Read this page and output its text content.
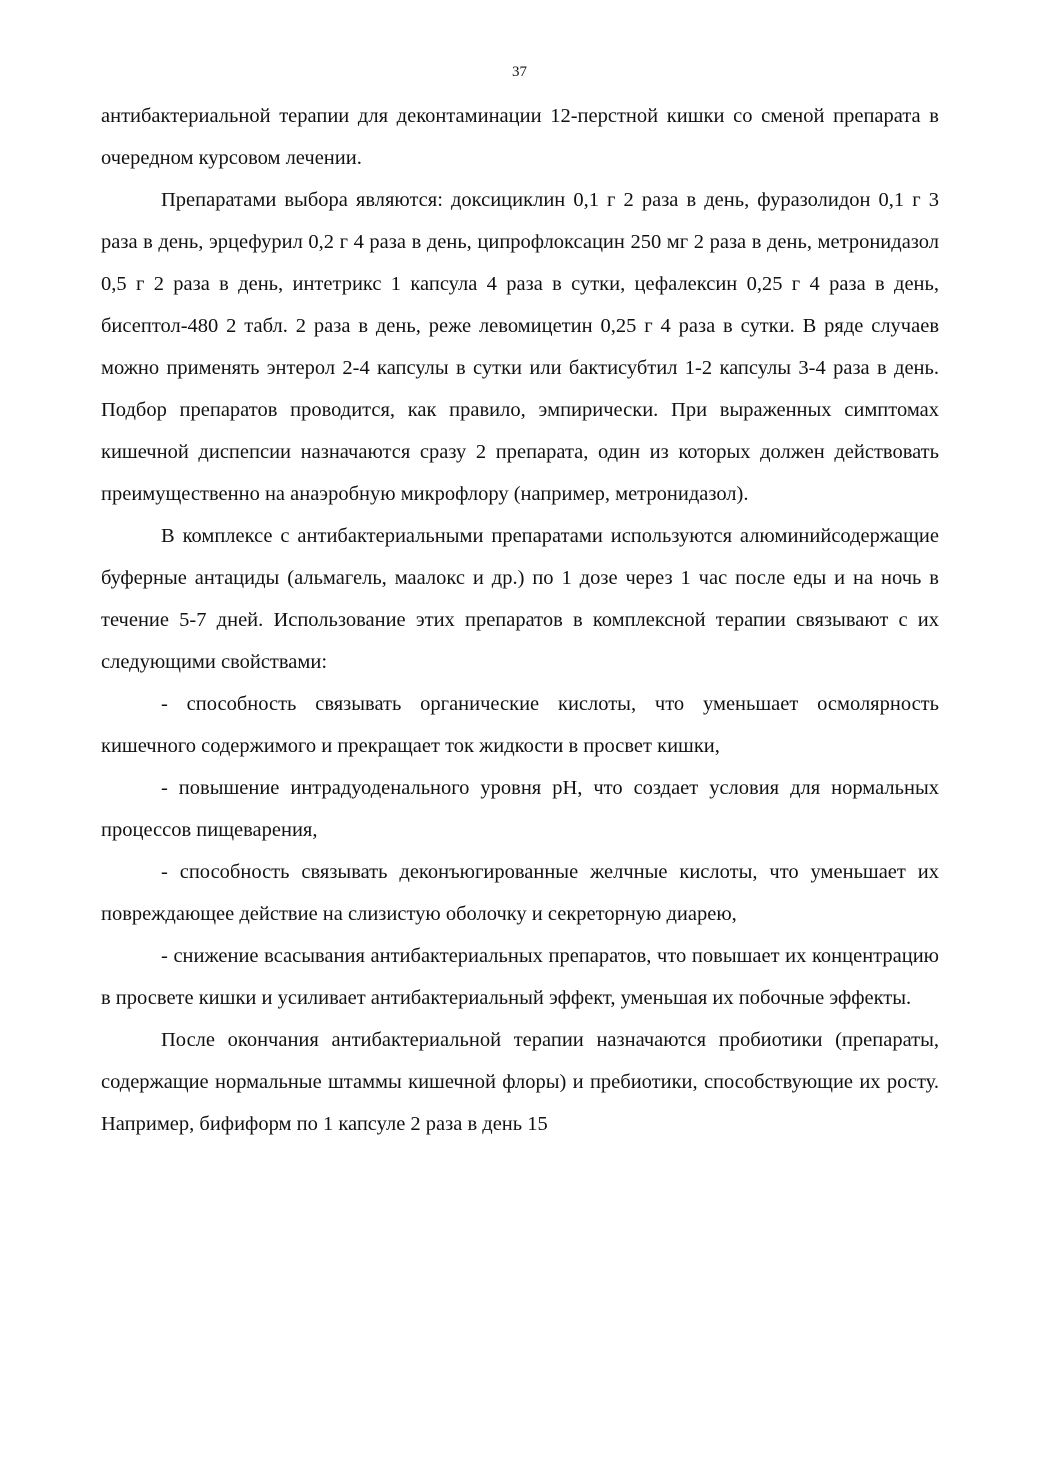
37

антибактериальной терапии для деконтаминации 12-перстной кишки со сменой препарата в очередном курсовом лечении.

Препаратами выбора являются: доксициклин 0,1 г 2 раза в день, фуразолидон 0,1 г 3 раза в день, эрцефурил 0,2 г 4 раза в день, ципрофлоксацин 250 мг 2 раза в день, метронидазол 0,5 г 2 раза в день, интетрикс 1 капсула 4 раза в сутки, цефалексин 0,25 г 4 раза в день, бисептол-480 2 табл. 2 раза в день, реже левомицетин 0,25 г 4 раза в сутки. В ряде случаев можно применять энтерол 2-4 капсулы в сутки или бактисубтил 1-2 капсулы 3-4 раза в день. Подбор препаратов проводится, как правило, эмпирически. При выраженных симптомах кишечной диспепсии назначаются сразу 2 препарата, один из которых должен действовать преимущественно на анаэробную микрофлору (например, метронидазол).

В комплексе с антибактериальными препаратами используются алюминийсодержащие буферные антациды (альмагель, маалокс и др.) по 1 дозе через 1 час после еды и на ночь в течение 5-7 дней. Использование этих препаратов в комплексной терапии связывают с их следующими свойствами:

- способность связывать органические кислоты, что уменьшает осмолярность кишечного содержимого и прекращает ток жидкости в просвет кишки,

- повышение интрадуоденального уровня рН, что создает условия для нормальных процессов пищеварения,

- способность связывать деконъюгированные желчные кислоты, что уменьшает их повреждающее действие на слизистую оболочку и секреторную диарею,

- снижение всасывания антибактериальных препаратов, что повышает их концентрацию в просвете кишки и усиливает антибактериальный эффект, уменьшая их побочные эффекты.

После окончания антибактериальной терапии назначаются пробиотики (препараты, содержащие нормальные штаммы кишечной флоры) и пребиотики, способствующие их росту. Например, бифиформ по 1 капсуле 2 раза в день 15
